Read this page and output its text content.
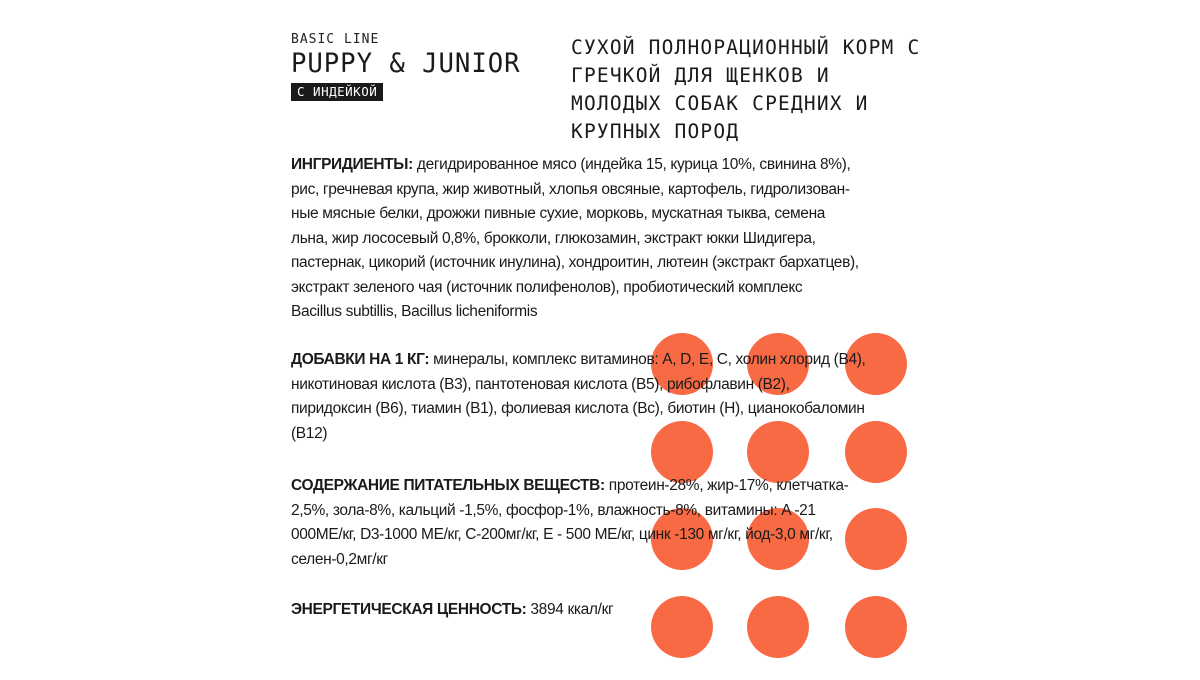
BASIC LINE
PUPPY & JUNIOR
С ИНДЕЙКОЙ
СУХОЙ ПОЛНОРАЦИОННЫЙ КОРМ С ГРЕЧКОЙ ДЛЯ ЩЕНКОВ И МОЛОДЫХ СОБАК СРЕДНИХ И КРУПНЫХ ПОРОД
ИНГРИДИЕНТЫ: дегидрированное мясо (индейка 15, курица 10%, свинина 8%),
рис, гречневая крупа, жир животный, хлопья овсяные, картофель, гидролизован-
ные мясные белки, дрожжи пивные сухие, морковь, мускатная тыква, семена
льна, жир лососевый 0,8%, брокколи, глюкозамин, экстракт юкки Шидигера,
пастернак, цикорий (источник инулина), хондроитин, лютеин (экстракт бархатцев),
экстракт зеленого чая (источник полифенолов), пробиотический комплекс
Bacillus subtillis, Bacillus licheniformis
ДОБАВКИ НА 1 КГ: минералы, комплекс витаминов: A, D, E, C, холин хлорид (B4),
никотиновая кислота (B3), пантотеновая кислота (B5), рибофлавин (B2),
пиридоксин (B6), тиамин (B1), фолиевая кислота (Bc), биотин (H), цианокобаломин
(B12)
СОДЕРЖАНИЕ ПИТАТЕЛЬНЫХ ВЕЩЕСТВ: протеин-28%, жир-17%, клетчатка-
2,5%, зола-8%, кальций -1,5%, фосфор-1%, влажность-8%, витамины: A -21
000МЕ/кг, D3-1000 МЕ/кг, C-200мг/кг, E - 500 МЕ/кг, цинк -130 мг/кг, йод-3,0 мг/кг,
селен-0,2мг/кг
ЭНЕРГЕТИЧЕСКАЯ ЦЕННОСТЬ: 3894 ккал/кг
